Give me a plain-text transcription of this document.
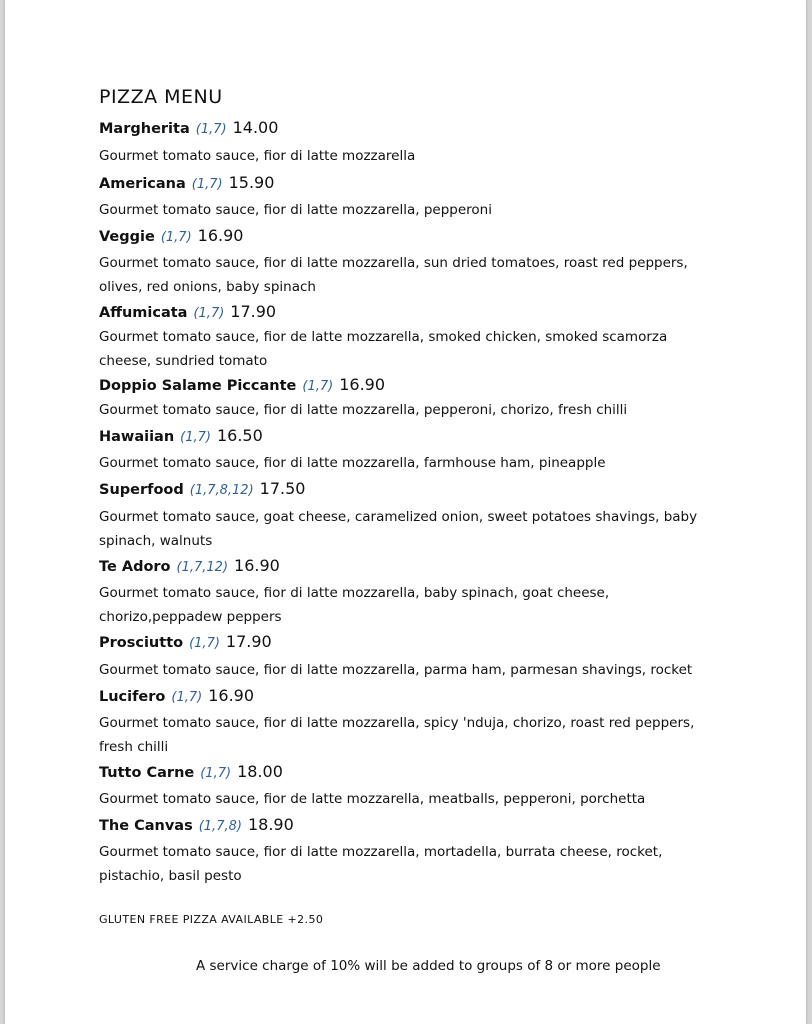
PIZZA MENU
Margherita (1,7) 14.00
Gourmet tomato sauce, fior di latte mozzarella
Americana (1,7) 15.90
Gourmet tomato sauce, fior di latte mozzarella, pepperoni
Veggie (1,7) 16.90
Gourmet tomato sauce, fior di latte mozzarella, sun dried tomatoes, roast red peppers, olives, red onions, baby spinach
Affumicata (1,7) 17.90
Gourmet tomato sauce, fior de latte mozzarella, smoked chicken, smoked scamorza cheese, sundried tomato
Doppio Salame Piccante (1,7) 16.90
Gourmet tomato sauce, fior di latte mozzarella, pepperoni, chorizo, fresh chilli
Hawaiian (1,7) 16.50
Gourmet tomato sauce, fior di latte mozzarella, farmhouse ham, pineapple
Superfood (1,7,8,12) 17.50
Gourmet tomato sauce, goat cheese, caramelized onion, sweet potatoes shavings, baby spinach, walnuts
Te Adoro (1,7,12) 16.90
Gourmet tomato sauce, fior di latte mozzarella, baby spinach, goat cheese, chorizo,peppadew peppers
Prosciutto (1,7) 17.90
Gourmet tomato sauce, fior di latte mozzarella, parma ham, parmesan shavings, rocket
Lucifero (1,7) 16.90
Gourmet tomato sauce, fior di latte mozzarella, spicy 'nduja, chorizo, roast red peppers, fresh chilli
Tutto Carne (1,7) 18.00
Gourmet tomato sauce, fior de latte mozzarella, meatballs, pepperoni, porchetta
The Canvas (1,7,8) 18.90
Gourmet tomato sauce, fior di latte mozzarella, mortadella, burrata cheese, rocket, pistachio, basil pesto
GLUTEN FREE PIZZA AVAILABLE +2.50
A service charge of 10% will be added to groups of 8 or more people
